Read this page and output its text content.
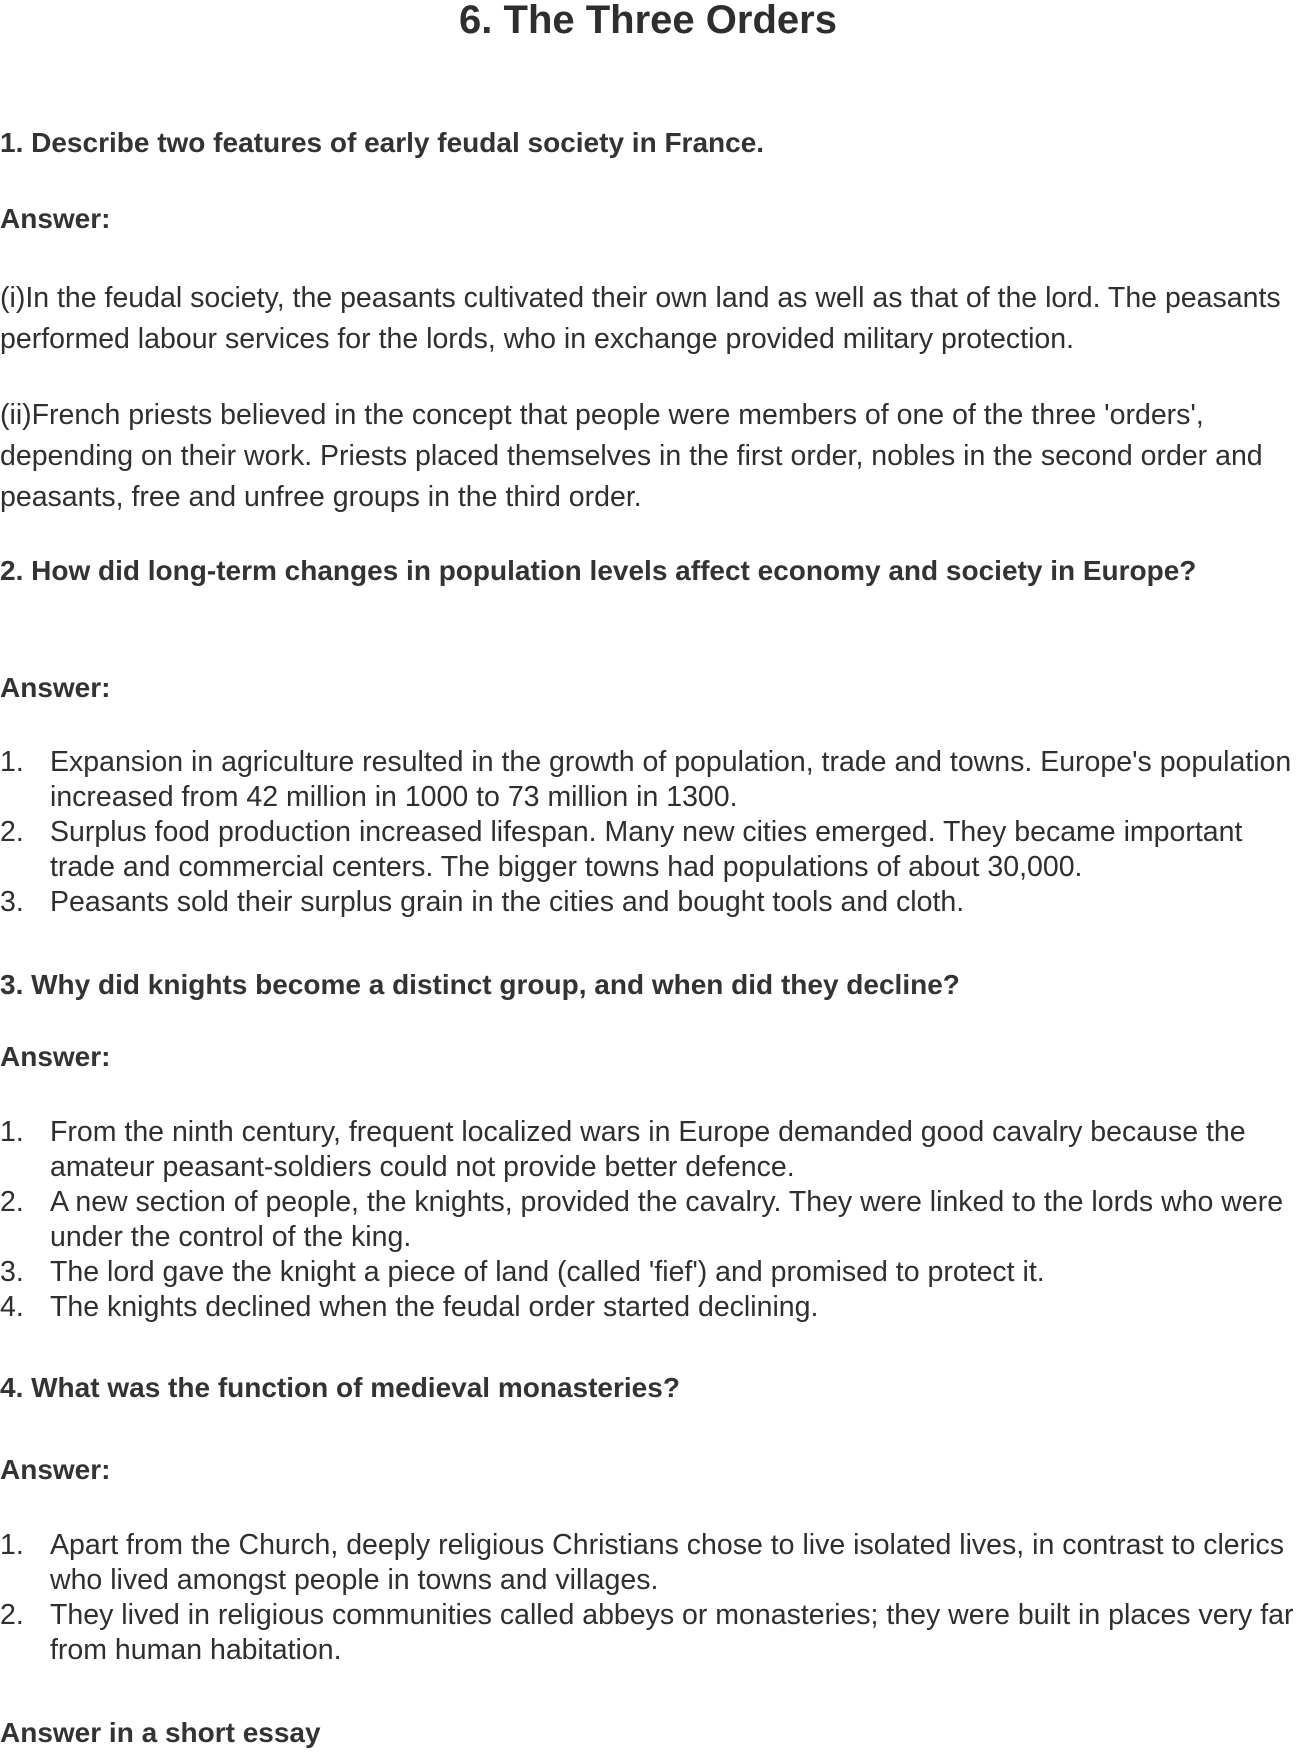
6. The Three Orders

1. Describe two features of early feudal society in France.

Answer:

(i)In the feudal society, the peasants cultivated their own land as well as that of the lord. The peasants performed labour services for the lords, who in exchange provided military protection.

(ii)French priests believed in the concept that people were members of one of the three 'orders', depending on their work. Priests placed themselves in the first order, nobles in the second order and peasants, free and unfree groups in the third order.

2. How did long-term changes in population levels affect economy and society in Europe?

Answer:

1. Expansion in agriculture resulted in the growth of population, trade and towns. Europe's population increased from 42 million in 1000 to 73 million in 1300.
2. Surplus food production increased lifespan. Many new cities emerged. They became important trade and commercial centers. The bigger towns had populations of about 30,000.
3. Peasants sold their surplus grain in the cities and bought tools and cloth.

3. Why did knights become a distinct group, and when did they decline?

Answer:

1. From the ninth century, frequent localized wars in Europe demanded good cavalry because the amateur peasant-soldiers could not provide better defence.
2. A new section of people, the knights, provided the cavalry. They were linked to the lords who were under the control of the king.
3. The lord gave the knight a piece of land (called 'fief') and promised to protect it.
4. The knights declined when the feudal order started declining.

4. What was the function of medieval monasteries?

Answer:

1. Apart from the Church, deeply religious Christians chose to live isolated lives, in contrast to clerics who lived amongst people in towns and villages.
2. They lived in religious communities called abbeys or monasteries; they were built in places very far from human habitation.

Answer in a short essay
